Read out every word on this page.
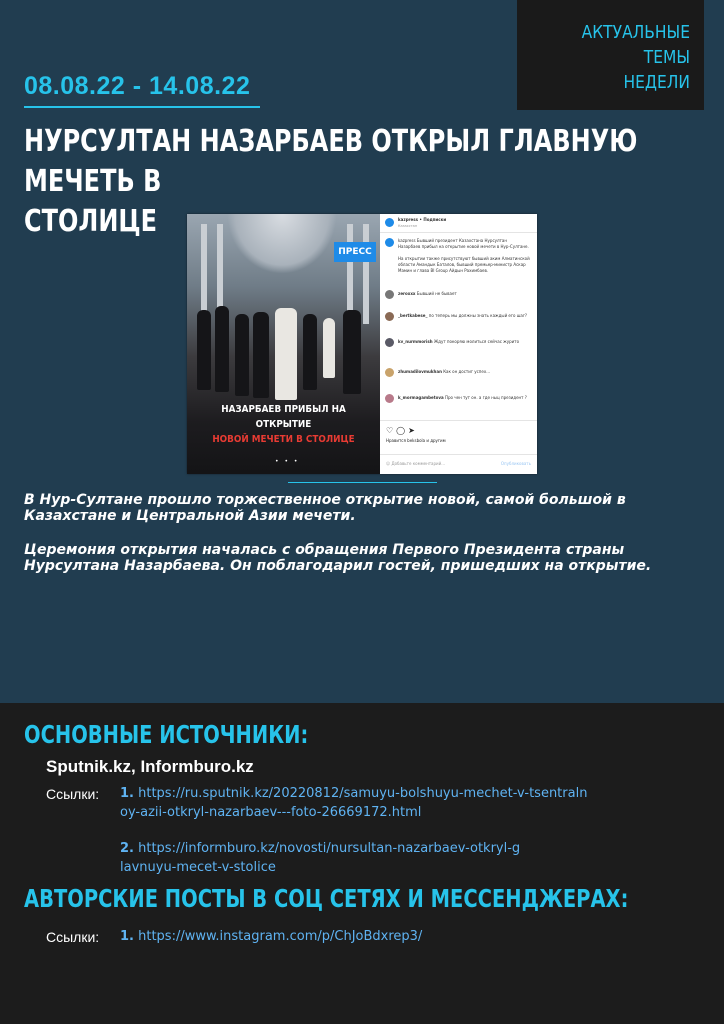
АКТУАЛЬНЫЕ ТЕМЫ
НЕДЕЛИ
08.08.22 - 14.08.22
НУРСУЛТАН НАЗАРБАЕВ ОТКРЫЛ ГЛАВНУЮ МЕЧЕТЬ В
СТОЛИЦЕ
ПРЕСС
НАЗАРБАЕВ ПРИБЫЛ НА ОТКРЫТИЕ
НОВОЙ МЕЧЕТИ В СТОЛИЦЕ
• • •
kazpress • Подписки
Казахстан
kazpress Бывший президент Казахстана Нурсултан Назарбаев прибыл на открытие новой мечети в Нур-Султане.
На открытии также присутствуют бывший аким Алматинской области Амандык Баталов, бывший премьер-министр Аскар Мамин и глава BI Group Айдын Рахимбаев.
zeroxxx Бывший не бывает
_bertkabese_ по теперь мы должны знать каждый его шаг?
kv_nurmmorish Ждут покоряю молиться сейчас журито
zhumadilovmukhan Как он достиг успех...
k_mormagambetova Про чен тут он. а где ныц президент ?
♡◯➤
Нравится beksbola и другим
☺ Добавьте комментарий...	Опубликовать

В Нур-Султане прошло торжественное открытие новой, самой большой в Казахстане и Центральной Азии мечети.

Церемония открытия началась с обращения Первого Президента страны Нурсултана Назарбаева. Он поблагодарил гостей, пришедших на открытие.

ОСНОВНЫЕ ИСТОЧНИКИ:
Sputnik.kz, Informburo.kz
Ссылки: 1. https://ru.sputnik.kz/20220812/samuyu-bolshuyu-mechet-v-tsentraln
oy-azii-otkryl-nazarbaev---foto-26669172.html
2. https://informburo.kz/novosti/nursultan-nazarbaev-otkryl-g
lavnuyu-mecet-v-stolice
АВТОРСКИЕ ПОСТЫ В СОЦ СЕТЯХ И МЕССЕНДЖЕРАХ:
Ссылки: 1. https://www.instagram.com/p/ChJoBdxrep3/
